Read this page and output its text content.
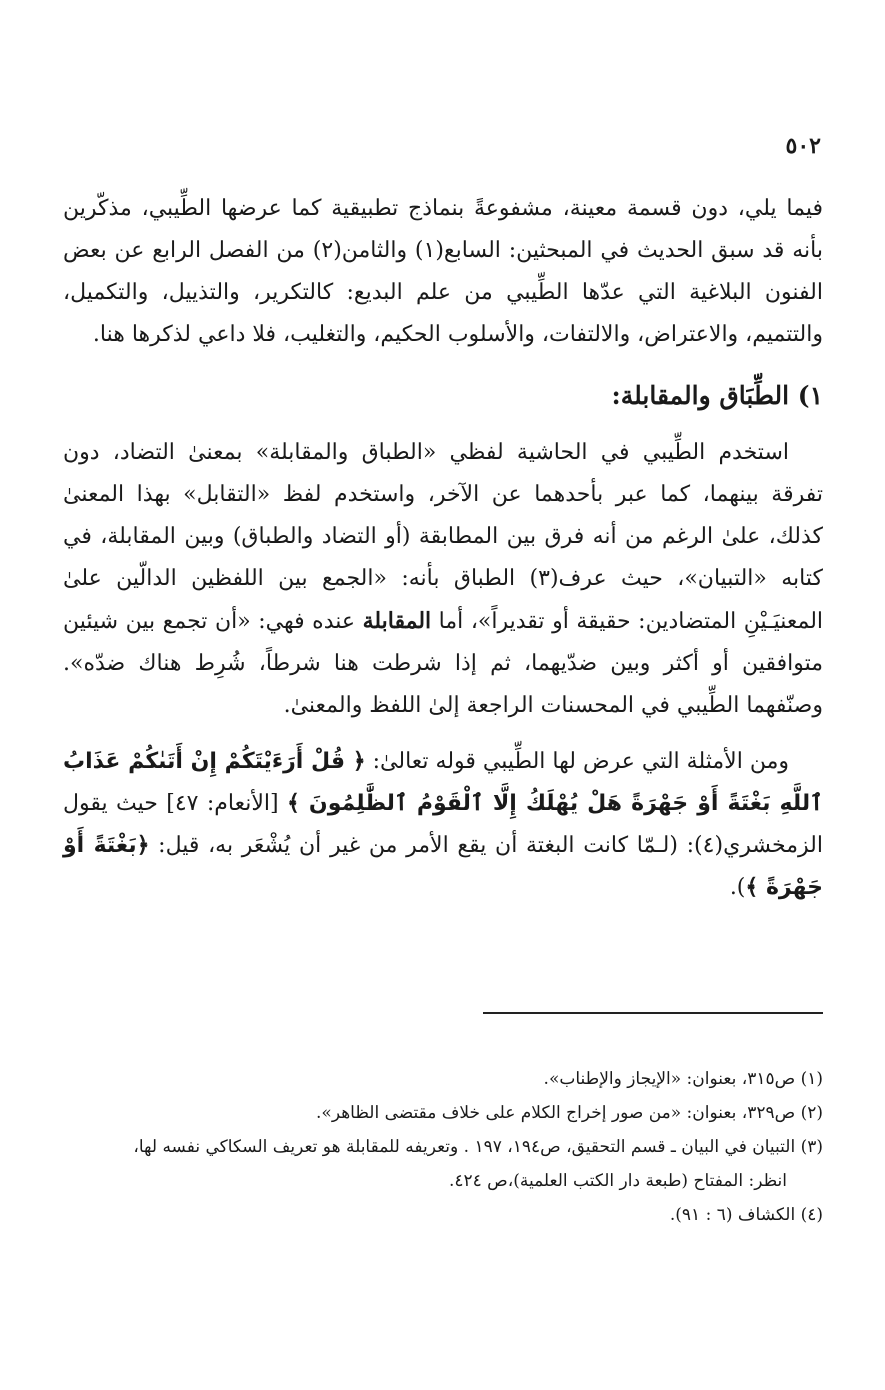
٥٠٢

فيما يلي، دون قسمة معينة، مشفوعةً بنماذج تطبيقية كما عرضها الطِّيبي، مذكّرين بأنه قد سبق الحديث في المبحثين: السابع(١) والثامن(٢) من الفصل الرابع عن بعض الفنون البلاغية التي عدّها الطِّيبي من علم البديع: كالتكرير، والتذييل، والتكميل، والتتميم، والاعتراض، والالتفات، والأسلوب الحكيم، والتغليب، فلا داعي لذكرها هنا.

١) الطِّبَاق والمقابلة:

استخدم الطِّيبي في الحاشية لفظي «الطباق والمقابلة» بمعنىٰ التضاد، دون تفرقة بينهما، كما عبر بأحدهما عن الآخر، واستخدم لفظ «التقابل» بهذا المعنىٰ كذلك، علىٰ الرغم من أنه فرق بين المطابقة (أو التضاد والطباق) وبين المقابلة، في كتابه «التبيان»، حيث عرف(٣) الطباق بأنه: «الجمع بين اللفظين الدالّين علىٰ المعنيَـيْنِ المتضادين: حقيقة أو تقديراً»، أما المقابلة عنده فهي: «أن تجمع بين شيئين متوافقين أو أكثر وبين ضدّيهما، ثم إذا شرطت هنا شرطاً، شُرِط هناك ضدّه». وصنّفهما الطِّيبي في المحسنات الراجعة إلىٰ اللفظ والمعنىٰ.

ومن الأمثلة التي عرض لها الطِّيبي قوله تعالىٰ: ﴿ قُلْ أَرَءَيْتَكُمْ إِنْ أَتَىٰكُمْ عَذَابُ ٱللَّهِ بَغْتَةً أَوْ جَهْرَةً هَلْ يُهْلَكُ إِلَّا ٱلْقَوْمُ ٱلظَّٰلِمُونَ ﴾ [الأنعام: ٤٧] حيث يقول الزمخشري(٤): (لـمّا كانت البغتة أن يقع الأمر من غير أن يُشْعَر به، قيل: ﴿بَغْتَةً أَوْ جَهْرَةً ﴾).

(١) ص٣١٥، بعنوان: «الإيجاز والإطناب».

(٢) ص٣٢٩، بعنوان: «من صور إخراج الكلام على خلاف مقتضى الظاهر».

(٣) التبيان في البيان ـ قسم التحقيق، ص١٩٤، ١٩٧ . وتعريفه للمقابلة هو تعريف السكاكي نفسه لها،

انظر: المفتاح (طبعة دار الكتب العلمية)،ص ٤٢٤.

(٤) الكشاف (٦ : ٩١).
